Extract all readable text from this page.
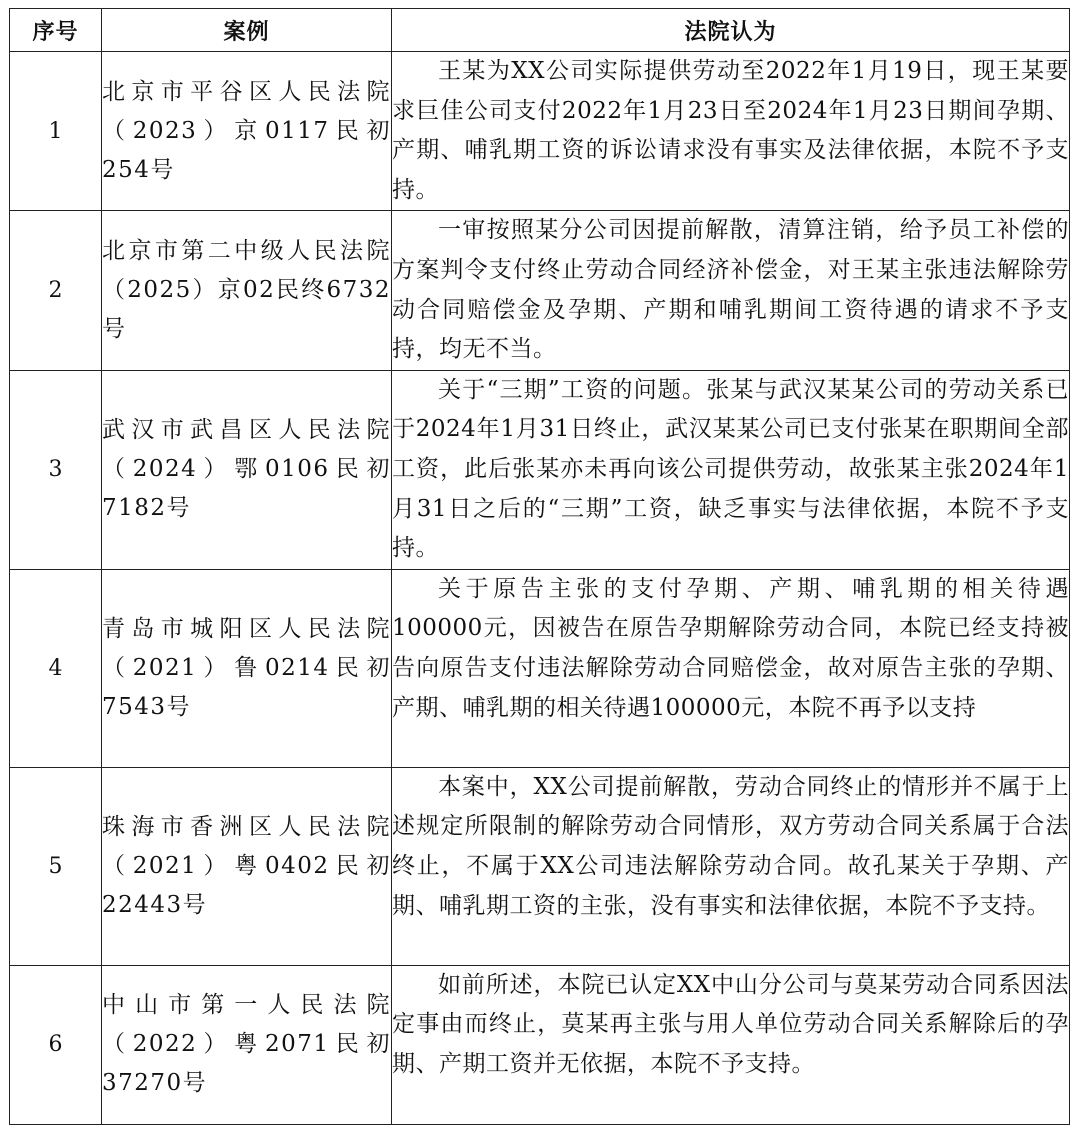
序号	案例	法院认为
1	北京市平谷区人民法院（2023）京0117民初254号	王某为XX公司实际提供劳动至2022年1月19日，现王某要求巨佳公司支付2022年1月23日至2024年1月23日期间孕期、产期、哺乳期工资的诉讼请求没有事实及法律依据，本院不予支持。

2	北京市第二中级人民法院（2025）京02民终6732号	一审按照某分公司因提前解散，清算注销，给予员工补偿的方案判令支付终止劳动合同经济补偿金，对王某主张违法解除劳动合同赔偿金及孕期、产期和哺乳期间工资待遇的请求不予支持，均无不当。

3	武汉市武昌区人民法院（2024）鄂0106民初7182号	关于“三期”工资的问题。张某与武汉某某公司的劳动关系已于2024年1月31日终止，武汉某某公司已支付张某在职期间全部工资，此后张某亦未再向该公司提供劳动，故张某主张2024年1月31日之后的“三期”工资，缺乏事实与法律依据，本院不予支持。

4	青岛市城阳区人民法院（2021）鲁0214民初7543号	关于原告主张的支付孕期、产期、哺乳期的相关待遇100000元，因被告在原告孕期解除劳动合同，本院已经支持被告向原告支付违法解除劳动合同赔偿金，故对原告主张的孕期、产期、哺乳期的相关待遇100000元，本院不再予以支持

5	珠海市香洲区人民法院（2021）粤0402民初22443号	本案中，XX公司提前解散，劳动合同终止的情形并不属于上述规定所限制的解除劳动合同情形，双方劳动合同关系属于合法终止，不属于XX公司违法解除劳动合同。故孔某关于孕期、产期、哺乳期工资的主张，没有事实和法律依据，本院不予支持。

6	中山市第一人民法院（2022）粤2071民初37270号	如前所述，本院已认定XX中山分公司与莫某劳动合同系因法定事由而终止，莫某再主张与用人单位劳动合同关系解除后的孕期、产期工资并无依据，本院不予支持。
